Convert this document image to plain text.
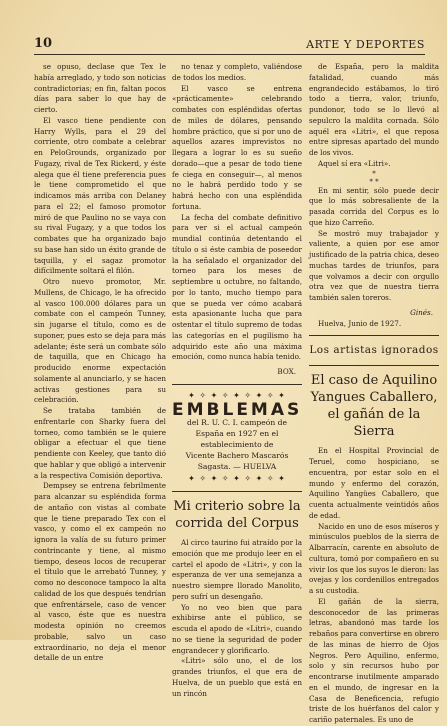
10	ARTE Y DEPORTES

se opuso, declase que Tex le había arreglado, y todo son noticias contradictorias; en fin, faltan pocos días para saber lo que hay de cierto.

El vasco tiene pendiente con Harry Wylls, para el 29 del corriente, otro combate a celebrar en PeloGrounds, organizado por Fugazy, rival de Tex Rickerd, y éste alega que él tiene preferencia pues le tiene comprometido el que indicamos más arriba con Delaney para el 22; el famoso promotor miró de que Paulino no se vaya con su rival Fugazy, y a que todos los combates que ha organizado bajo su base han sido un éxito grande de taquilla, y el sagaz promotor difícilmente soltará el filón.

Otro nuevo promotor, Mr. Mullens, de Chicago, le ha ofrecido al vasco 100.000 dólares para un combate con el campeón Tunney, sin jugarse el título, como es de suponer, pues esto se deja para más adelante; éste será un combate sólo de taquilla, que en Chicago ha producido enorme expectación solamente al anunciarlo, y se hacen activas gestiones para su celebración.

Se trataba también de enfrentarle con Sharky fuera del torneo, como también se le quiere obligar a efectuar el que tiene pendiente con Keeley, que tanto dió que hablar y que obligó a intervenir a la respectiva Comisión deportiva.

Dempsey se entrena febrilmente para alcanzar su espléndida forma de antaño con vistas al combate que le tiene preparado Tex con el vasco, y como el ex campeón no ignora la valía de su futuro primer contrincante y tiene, al mismo tiempo, deseos locos de recuperar el título que le arrebató Tunney, y como no desconoce tampoco la alta calidad de los que después tendrían que enfrentársele, caso de vencer al vasco, éste que es nuestra modesta opinión no creemos probable, salvo un caso extraordinario, no deja el menor detalle de un entre

no tenaz y completo, valiéndose de todos los medios.

El vasco se entrena «prácticamente» celebrando combates con espléndidas ofertas de miles de dólares, pensando hombre práctico, que si por uno de aquellos azares imprevistos no llegara a lograr lo es su sueño dorado—que a pesar de todo tiene fe ciega en conseguir—, al menos no le habrá perdido todo y se habrá hecho con una espléndida fortuna.

La fecha del combate definitivo para ver si el actual campeón mundial continúa detentando el título o si éste cambia de poseedor la ha señalado el organizador del torneo para los meses de septiembre u octubre, no faltando, por lo tanto, mucho tiempo para que se pueda ver cómo acabará esta apasionante lucha que para ostentar el título supremo de todas las categorías en el pugilismo ha adquirido este año una máxima emoción, como nunca había tenido.

BOX.
✦ ✧ ✦ ✧ ✦ ✧ ✦ ✧ ✦
EMBLEMAS
del R. U. C. I. campeón de España en 1927 en el establecimiento de
Vicente Bachero Mascarós
Sagasta. — HUELVA
✦ ✧ ✦ ✧ ✦ ✧ ✦ ✧ ✦
Mi criterio sobre la corrida del Corpus

Al circo taurino fui atraído por la emoción que me produjo leer en el cartel el apodo de «Litri», y con la esperanza de ver una semejanza a nuestro siempre llorado Manolito, pero sufrí un desengaño.

Yo no veo bien que para exhibirse ante el público, se escuda el apodo de «Litri», cuando no se tiene la seguridad de poder engrandecer y glorificarlo.

«Litri» sólo uno, el de los grandes triunfos, el que era de Huelva, de un pueblo que está en un rincón

de España, pero la maldita fatalidad, cuando más engrandecido estábamos, lo tiró todo a tierra, valor, triunfo, pundonor, todo se lo llevó al sepulcro la maldita cornada. Sólo aquél era «Litri», el que reposa entre sipresas apartado del mundo de los vivos.

Aquel sí era «Litri».

*
* *

En mi sentir, sólo puede decir que lo más sobresaliente de la pasada corrida del Corpus es lo que hizo Carreño.

Se mostró muy trabajador y valiente, a quien por ese amor justificado de la patria chica, deseo muchas tardes de triunfos, para que volvamos a decir con orgullo otra vez que de nuestra tierra también salen toreros.

Ginés.

Huelva, Junio de 1927.

Los artistas ignorados
El caso de Aquilino Yangues Caballero, el gañán de la Sierra

En el Hospital Provincial de Teruel, como hospiciano, se encuentra, por estar solo en el mundo y enfermo del corazón, Aquilino Yangües Caballero, que cuenta actualmente veintidós años de edad.

Nacido en uno de esos míseros y minúsculos pueblos de la sierra de Albarracín, carente en absoluto de cultura, tomó por compañero en su vivir los que los suyos le dieron: las ovejas y los cordenillos entregados a su custodia.

El gañán de la sierra, desconocedor de las primeras letras, abandonó mas tarde los rebaños para convertirse en obrero de las minas de hierro de Ojos Negros. Pero Aquilino, enfermo, solo y sin recursos hubo por encontrarse inutilmente amparado en el mundo, de ingresar en la Casa de Beneficencia, refugio triste de los huérfanos del calor y cariño paternales. Es uno de
